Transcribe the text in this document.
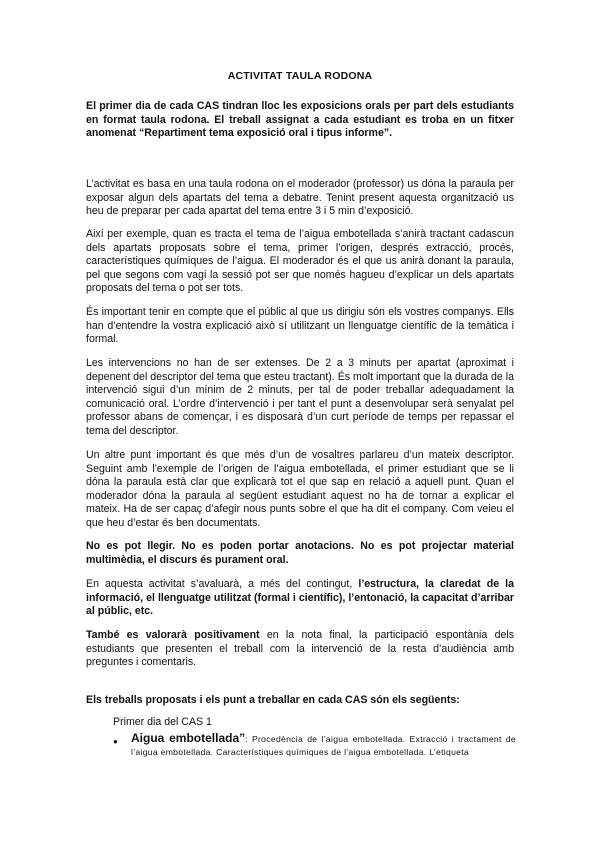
ACTIVITAT TAULA RODONA
El primer dia de cada CAS tindran lloc les exposicions orals per part dels estudiants en format taula rodona. El treball assignat a cada estudiant es troba en un fitxer anomenat “Repartiment tema exposició oral i tipus informe”.
L’activitat es basa en una taula rodona on el moderador (professor) us dóna la paraula per exposar algun dels apartats del tema a debatre. Tenint present aquesta organització us heu de preparar per cada apartat del tema entre 3 i 5 min d’exposició.
Així per exemple, quan es tracta el tema de l’aigua embotellada s’anirà tractant cadascun dels apartats proposats sobre el tema, primer l’origen, després extracció, procés, característiques químiques de l’aigua. El moderador és el que us anirà donant la paraula, pel que segons com vagi la sessió pot ser que només hagueu d’explicar un dels apartats proposats del tema o pot ser tots.
És important tenir en compte que el públic al que us dirigiu són els vostres companys. Ells han d’entendre la vostra explicació això sí utilitzant un llenguatge científic de la temàtica i formal.
Les intervencions no han de ser extenses. De 2 a 3 minuts per apartat (aproximat i depenent del descriptor del tema que esteu tractant). És molt important que la durada de la intervenció sigui d’un mínim de 2 minuts, per tal de poder treballar adequadament la comunicació oral. L’ordre d’intervenció i per tant el punt a desenvolupar serà senyalat pel professor abans de començar, i es disposarà d’un curt període de temps per repassar el tema del descriptor.
Un altre punt important és que més d’un de vosaltres parlareu d’un mateix descriptor. Seguint amb l’exemple de l’origen de l’aigua embotellada, el primer estudiant que se li dóna la paraula està clar que explicarà tot el que sap en relació a aquell punt. Quan el moderador dóna la paraula al següent estudiant aquest no ha de tornar a explicar el mateix. Ha de ser capaç d’afegir nous punts sobre el que ha dit el company. Com veieu el que heu d’estar és ben documentats.
No es pot llegir. No es poden portar anotacions. No es pot projectar material multimèdia, el discurs és purament oral.
En aquesta activitat s’avaluarà, a més del contingut, l’estructura, la claredat de la informació, el llenguatge utilitzat (formal i científic), l’entonació, la capacitat d’arribar al públic, etc.
També es valorarà positivament en la nota final, la participació espontània dels estudiants que presenten el treball com la intervenció de la resta d’audiència amb preguntes i comentaris.
Els treballs proposats i els punt a treballar en cada CAS són els següents:
Primer dia del CAS 1
● Aigua embotellada”: Procedència de l’aigua embotellada. Extracció i tractament de l’aigua embotellada. Característiques químiques de l’aigua embotellada. L’etiqueta
